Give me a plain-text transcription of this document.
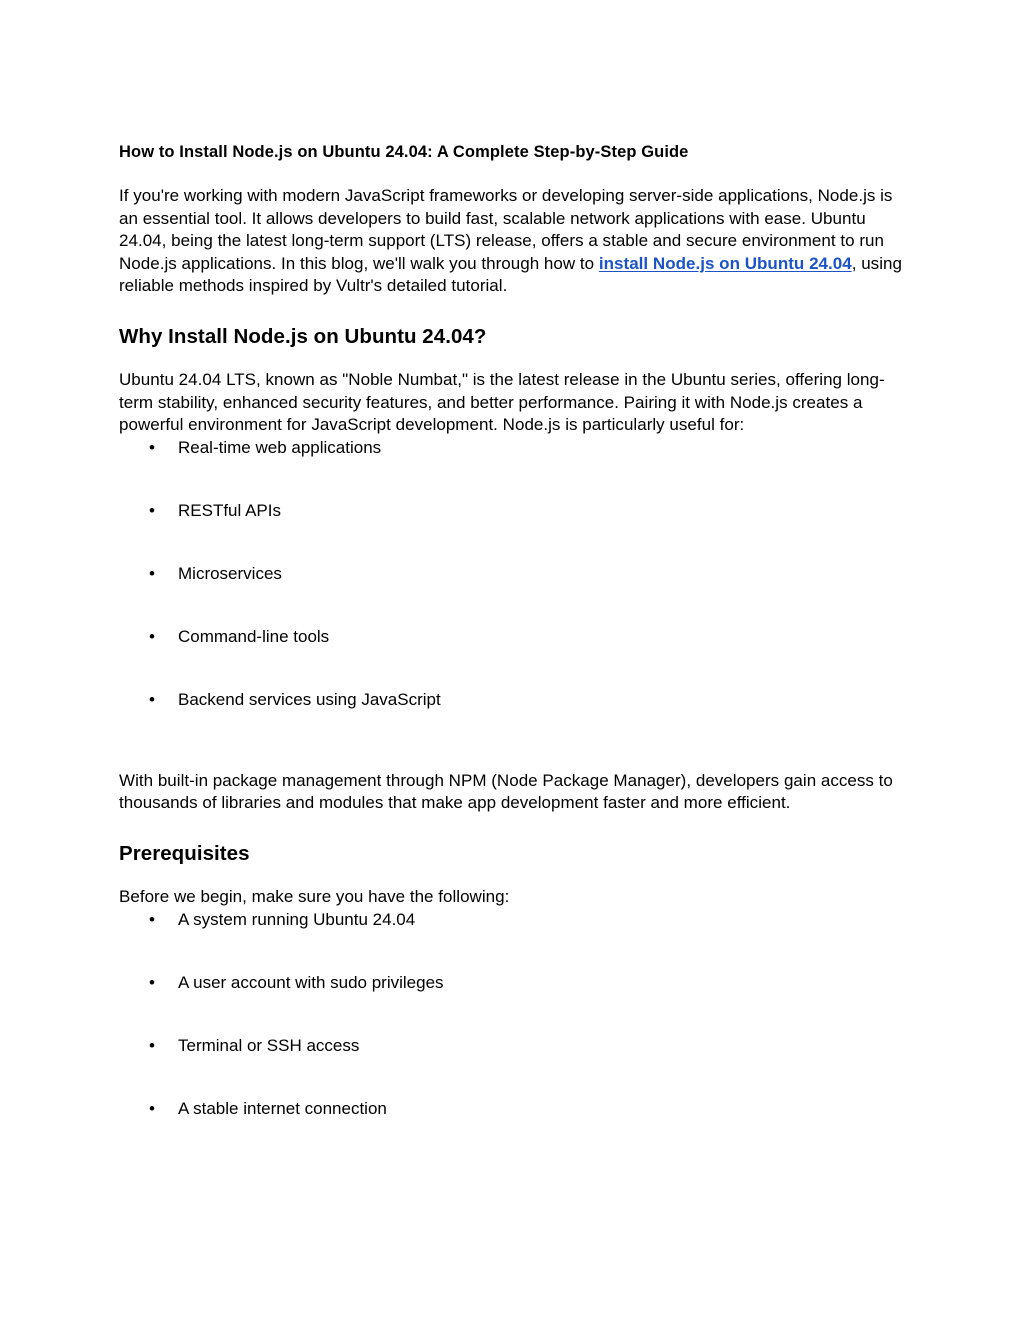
How to Install Node.js on Ubuntu 24.04: A Complete Step-by-Step Guide

If you're working with modern JavaScript frameworks or developing server-side applications, Node.js is an essential tool. It allows developers to build fast, scalable network applications with ease. Ubuntu 24.04, being the latest long-term support (LTS) release, offers a stable and secure environment to run Node.js applications. In this blog, we'll walk you through how to install Node.js on Ubuntu 24.04, using reliable methods inspired by Vultr's detailed tutorial.

Why Install Node.js on Ubuntu 24.04?

Ubuntu 24.04 LTS, known as "Noble Numbat," is the latest release in the Ubuntu series, offering long-term stability, enhanced security features, and better performance. Pairing it with Node.js creates a powerful environment for JavaScript development. Node.js is particularly useful for:

• Real-time web applications
• RESTful APIs
• Microservices
• Command-line tools
• Backend services using JavaScript

With built-in package management through NPM (Node Package Manager), developers gain access to thousands of libraries and modules that make app development faster and more efficient.

Prerequisites

Before we begin, make sure you have the following:

• A system running Ubuntu 24.04
• A user account with sudo privileges
• Terminal or SSH access
• A stable internet connection
